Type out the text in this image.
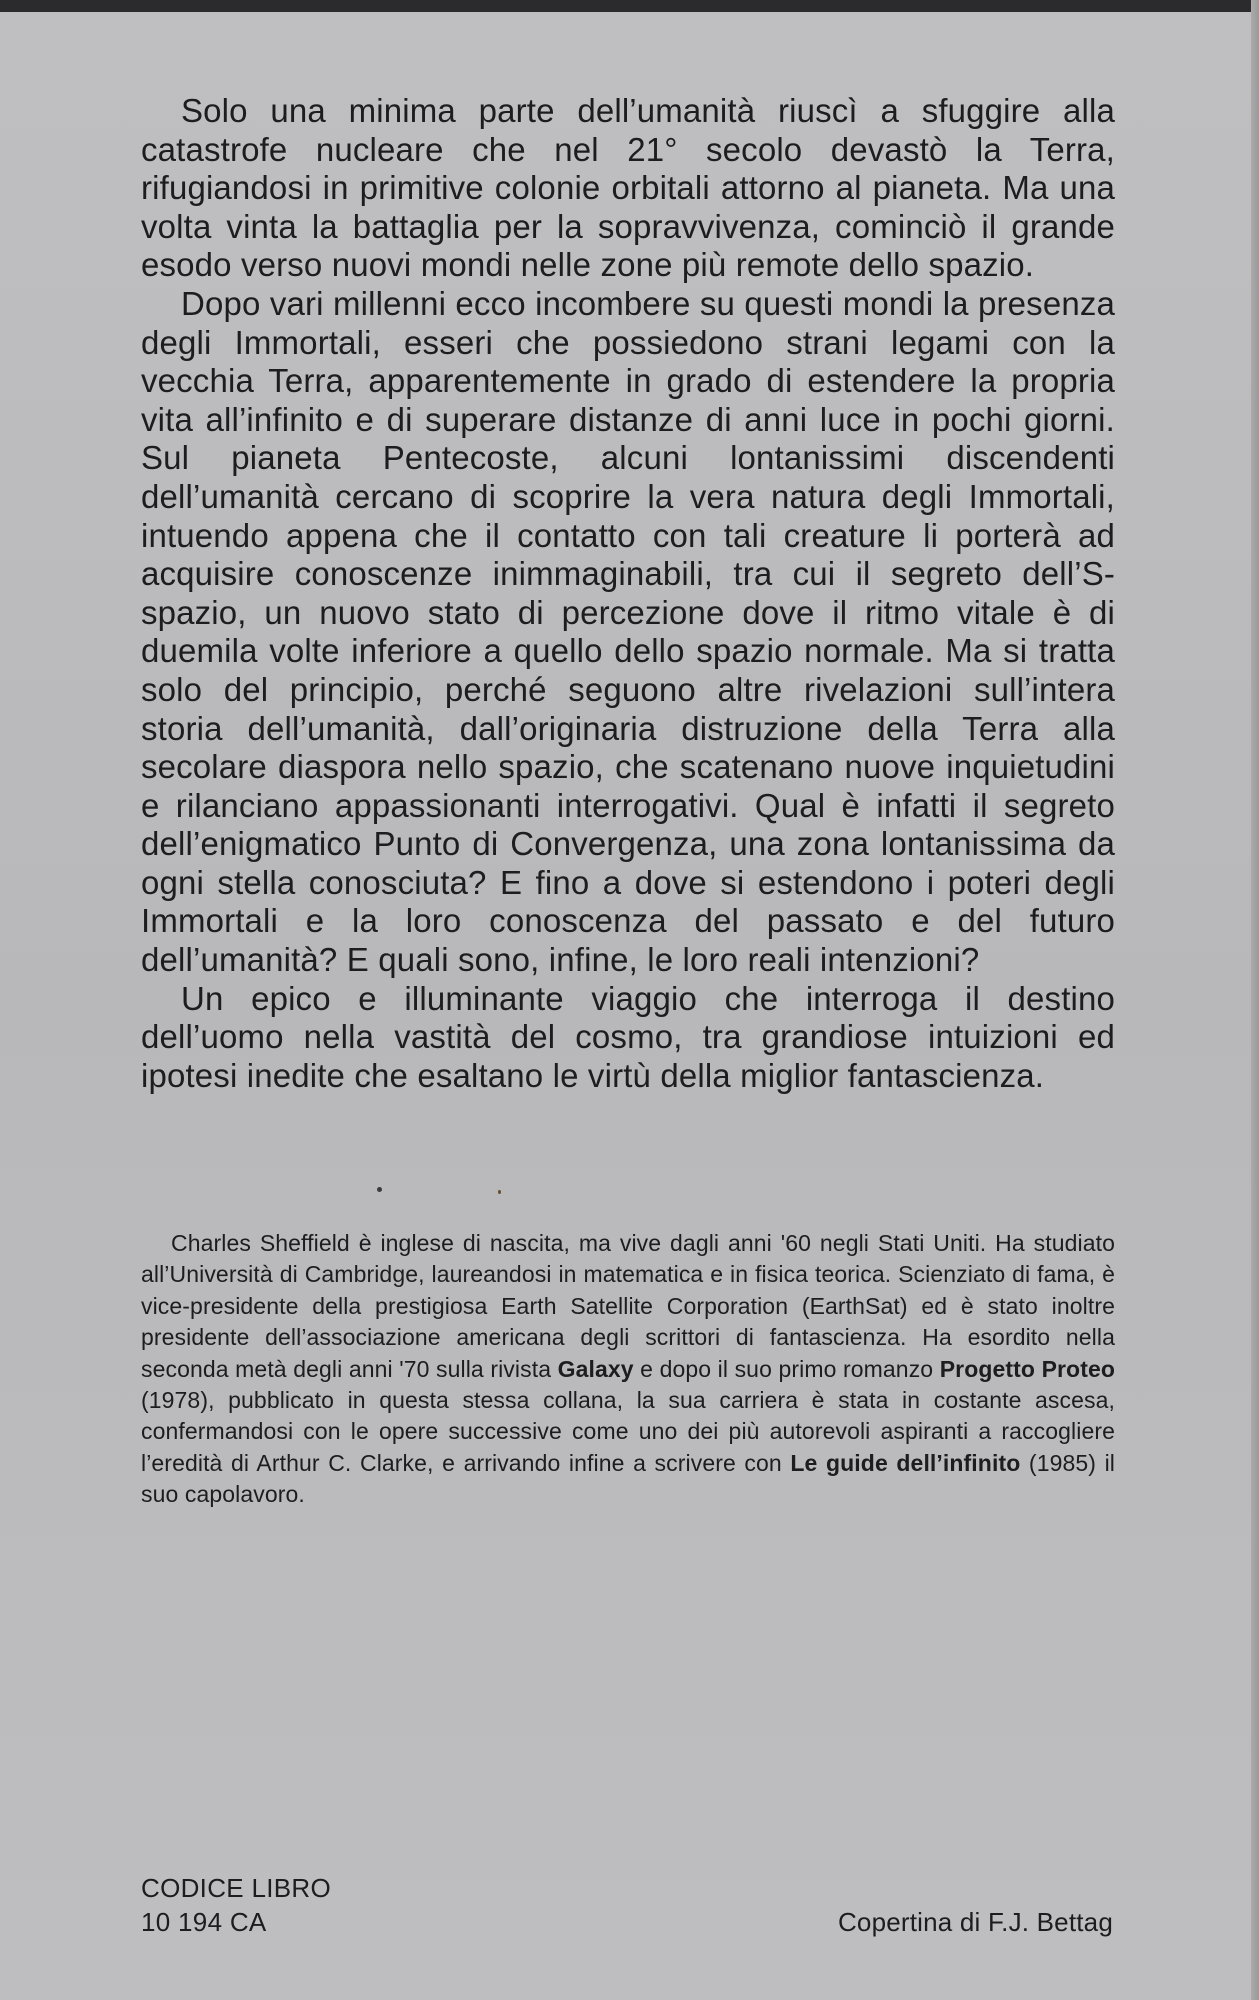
Solo una minima parte dell’umanità riuscì a sfuggire alla catastrofe nucleare che nel 21° secolo devastò la Terra, rifugiandosi in primitive colonie orbitali attorno al pianeta. Ma una volta vinta la battaglia per la sopravvivenza, cominciò il grande esodo verso nuovi mondi nelle zone più remote dello spazio.

Dopo vari millenni ecco incombere su questi mondi la presenza degli Immortali, esseri che possiedono strani legami con la vecchia Terra, apparentemente in grado di estendere la propria vita all’infinito e di superare distanze di anni luce in pochi giorni. Sul pianeta Pentecoste, alcuni lontanissimi discendenti dell’umanità cercano di scoprire la vera natura degli Immortali, intuendo appena che il contatto con tali creature li porterà ad acquisire conoscenze inimmaginabili, tra cui il segreto dell’S-spazio, un nuovo stato di percezione dove il ritmo vitale è di duemila volte inferiore a quello dello spazio normale. Ma si tratta solo del principio, perché seguono altre rivelazioni sull’intera storia dell’umanità, dall’originaria distruzione della Terra alla secolare diaspora nello spazio, che scatenano nuove inquietudini e rilanciano appassionanti interrogativi. Qual è infatti il segreto dell’enigmatico Punto di Convergenza, una zona lontanissima da ogni stella conosciuta? E fino a dove si estendono i poteri degli Immortali e la loro conoscenza del passato e del futuro dell’umanità? E quali sono, infine, le loro reali intenzioni?

Un epico e illuminante viaggio che interroga il destino dell’uomo nella vastità del cosmo, tra grandiose intuizioni ed ipotesi inedite che esaltano le virtù della miglior fantascienza.

Charles Sheffield è inglese di nascita, ma vive dagli anni '60 negli Stati Uniti. Ha studiato all’Università di Cambridge, laureandosi in matematica e in fisica teorica. Scienziato di fama, è vice-presidente della prestigiosa Earth Satellite Corporation (EarthSat) ed è stato inoltre presidente dell’associazione americana degli scrittori di fantascienza. Ha esordito nella seconda metà degli anni '70 sulla rivista Galaxy e dopo il suo primo romanzo Progetto Proteo (1978), pubblicato in questa stessa collana, la sua carriera è stata in costante ascesa, confermandosi con le opere successive come uno dei più autorevoli aspiranti a raccogliere l’eredità di Arthur C. Clarke, e arrivando infine a scrivere con Le guide dell’infinito (1985) il suo capolavoro.

CODICE LIBRO
10 194 CA	Copertina di F.J. Bettag
